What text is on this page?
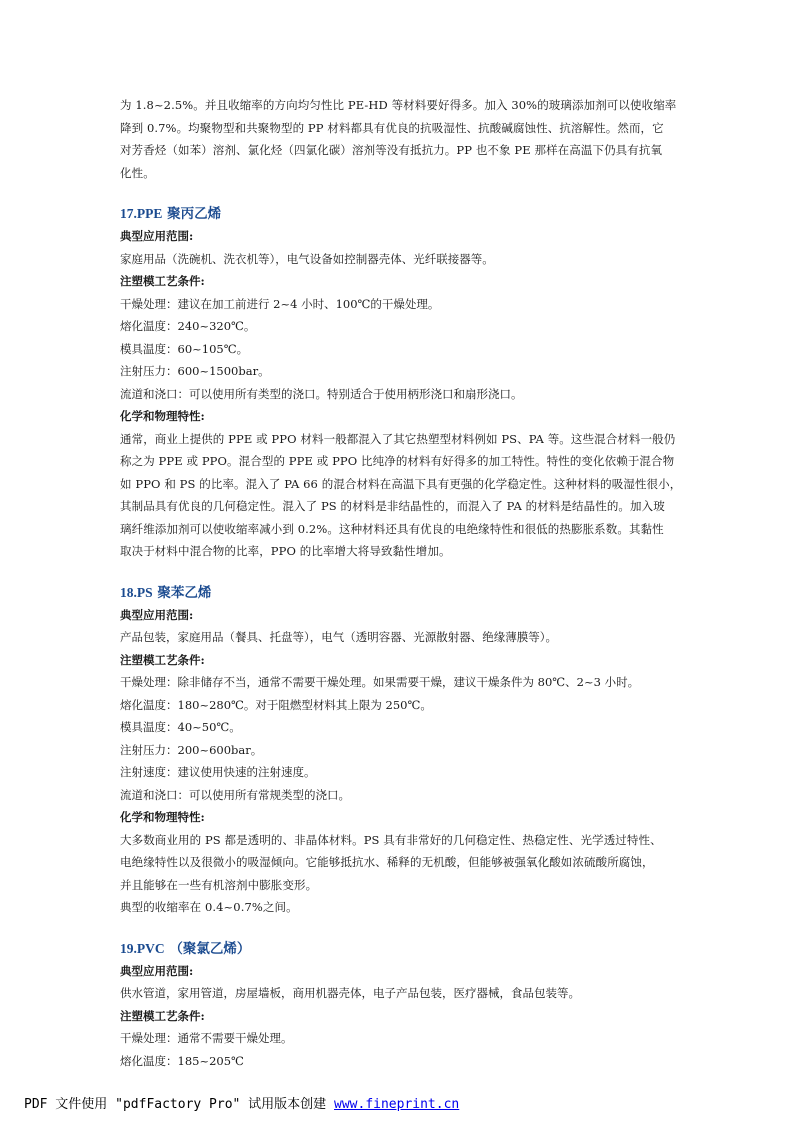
为 1.8~2.5%。并且收缩率的方向均匀性比 PE-HD 等材料要好得多。加入 30%的玻璃添加剂可以使收缩率
降到 0.7%。均聚物型和共聚物型的 PP 材料都具有优良的抗吸湿性、抗酸碱腐蚀性、抗溶解性。然而，它
对芳香烃（如苯）溶剂、氯化烃（四氯化碳）溶剂等没有抵抗力。PP 也不象 PE 那样在高温下仍具有抗氧
化性。
17.PPE 聚丙乙烯
典型应用范围:
家庭用品（洗碗机、洗衣机等），电气设备如控制器壳体、光纤联接器等。
注塑模工艺条件:
干燥处理：建议在加工前进行 2~4 小时、100℃的干燥处理。
熔化温度：240~320℃。
模具温度：60~105℃。
注射压力：600~1500bar。
流道和浇口：可以使用所有类型的浇口。特别适合于使用柄形浇口和扇形浇口。
化学和物理特性:
通常，商业上提供的 PPE 或 PPO 材料一般都混入了其它热塑型材料例如 PS、PA 等。这些混合材料一般仍
称之为 PPE 或 PPO。混合型的 PPE 或 PPO 比纯净的材料有好得多的加工特性。特性的变化依赖于混合物
如 PPO 和 PS 的比率。混入了 PA 66 的混合材料在高温下具有更强的化学稳定性。这种材料的吸湿性很小，
其制品具有优良的几何稳定性。混入了 PS 的材料是非结晶性的，而混入了 PA 的材料是结晶性的。加入玻
璃纤维添加剂可以使收缩率减小到 0.2%。这种材料还具有优良的电绝缘特性和很低的热膨胀系数。其黏性
取决于材料中混合物的比率，PPO 的比率增大将导致黏性增加。
18.PS 聚苯乙烯
典型应用范围:
产品包装，家庭用品（餐具、托盘等），电气（透明容器、光源散射器、绝缘薄膜等）。
注塑模工艺条件:
干燥处理：除非储存不当，通常不需要干燥处理。如果需要干燥，建议干燥条件为 80℃、2~3 小时。
熔化温度：180~280℃。对于阻燃型材料其上限为 250℃。
模具温度：40~50℃。
注射压力：200~600bar。
注射速度：建议使用快速的注射速度。
流道和浇口：可以使用所有常规类型的浇口。
化学和物理特性:
大多数商业用的 PS 都是透明的、非晶体材料。PS 具有非常好的几何稳定性、热稳定性、光学透过特性、
电绝缘特性以及很微小的吸湿倾向。它能够抵抗水、稀释的无机酸，但能够被强氧化酸如浓硫酸所腐蚀，
并且能够在一些有机溶剂中膨胀变形。
典型的收缩率在 0.4~0.7%之间。
19.PVC （聚氯乙烯）
典型应用范围:
供水管道，家用管道，房屋墙板，商用机器壳体，电子产品包装，医疗器械，食品包装等。
注塑模工艺条件:
干燥处理：通常不需要干燥处理。
熔化温度：185~205℃
PDF 文件使用 "pdfFactory Pro" 试用版本创建 www.fineprint.cn
